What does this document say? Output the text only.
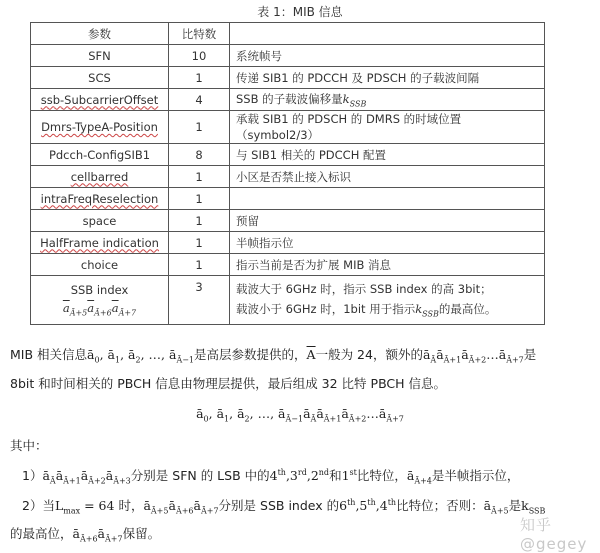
表 1：MIB 信息
参数	比特数	
SFN	10	系统帧号
SCS	1	传递 SIB1 的 PDCCH 及 PDSCH 的子载波间隔
ssb-SubcarrierOffset	4	SSB 的子载波偏移量$k_{SSB}$
Dmrs-TypeA-Position	1	承载 SIB1 的 PDSCH 的 DMRS 的时域位置（symbol2/3）
Pdcch-ConfigSIB1	8	与 SIB1 相关的 PDCCH 配置
cellbarred	1	小区是否禁止接入标识
intraFreqReselection	1	
space	1	预留
HalfFrame indication	1	半帧指示位
choice	1	指示当前是否为扩展 MIB 消息
SSB index
$\overline{a}_{Ā+5}\overline{a}_{Ā+6}\overline{a}_{Ā+7}$	3	载波大于 6GHz 时，指示 SSB index 的高 3bit；
载波小于 6GHz 时，1bit 用于指示$k_{SSB}$的最高位。
MIB 相关信息$ā_0$, $ā_1$, $ā_2$, …, $ā_{Ā-1}$是高层参数提供的，$\overline{A}$一般为 24，额外的$ā_Āā_{Ā+1}ā_{Ā+2}\dots ā_{Ā+7}$是
8bit 和时间相关的 PBCH 信息由物理层提供，最后组成 32 比特 PBCH 信息。
$ā_0$, $ā_1$, $ā_2$, …, $ā_{Ā-1}ā_Āā_{Ā+1}ā_{Ā+2}\dots ā_{Ā+7}$
其中：
$1)ā_Āā_{Ā+1}ā_{Ā+2}ā_{Ā+3}$分别是 SFN 的 LSB 中的4th,3rd,2nd和1st比特位，$ā_{Ā+4}$是半帧指示位，
2）当$L_{max} = 64$ 时，$ā_{Ā+5}ā_{Ā+6}ā_{Ā+7}$分别是 SSB index 的6th,5th,4th比特位；否则：$ā_{Ā+5}$是$k_{SSB}$
的最高位，$ā_{Ā+6}ā_{Ā+7}$保留。	知乎 @gegey
